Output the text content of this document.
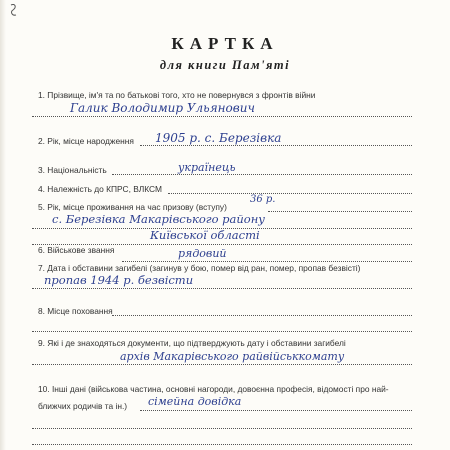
КАРТКА
для книги Пам'яті
1. Прізвище, ім'я та по батькові того, хто не повернувся з фронтів війни
Галик Володимир Ульянович
2. Рік, місце народження 1905 р. с. Березівка
3. Національність	українець
4. Належність до КПРС, ВЛКСМ
5. Рік, місце проживання на час призову (вступу)
36 р.
с. Березівка Макарівського району
Київської області
6. Військове звання	рядовий
7. Дата і обставини загибелі (загинув у бою, помер від ран, помер, пропав безвісті)
пропав 1944 р. безвісти
8. Місце поховання
9. Які і де знаходяться документи, що підтверджують дату і обставини загибелі
архів Макарівського райвійськкомату
10. Інші дані (військова частина, основні нагороди, довоєнна професія, відомості про най-
ближчих родичів та ін.) сімейна довідка
